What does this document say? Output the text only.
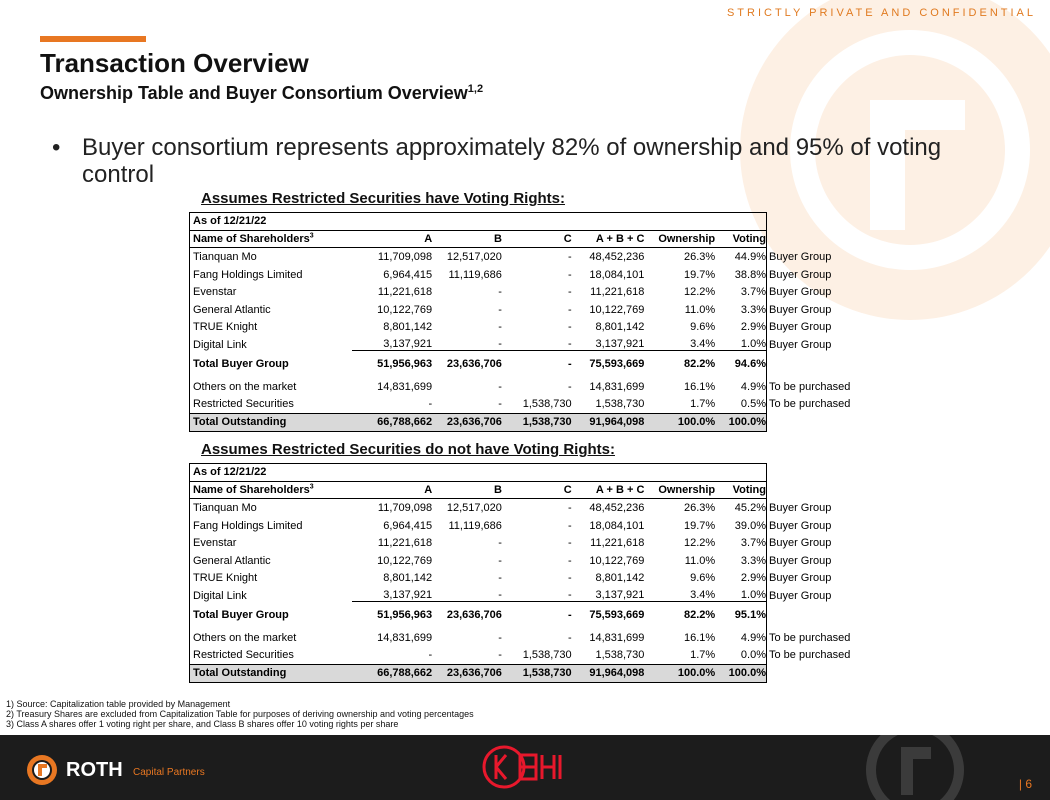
STRICTLY PRIVATE AND CONFIDENTIAL
Transaction Overview
Ownership Table and Buyer Consortium Overview$^{1,2}$
• Buyer consortium represents approximately 82% of ownership and 95% of voting control
Assumes Restricted Securities have Voting Rights:
As of 12/21/22
Name of Shareholders$^3$	A	B	C	A + B + C	Ownership	Voting
Tianquan Mo	11,709,098	12,517,020	-	48,452,236	26.3%	44.9% Buyer Group
Fang Holdings Limited	6,964,415	11,119,686	-	18,084,101	19.7%	38.8% Buyer Group
Evenstar	11,221,618	-	-	11,221,618	12.2%	3.7% Buyer Group
General Atlantic	10,122,769	-	-	10,122,769	11.0%	3.3% Buyer Group
TRUE Knight	8,801,142	-	-	8,801,142	9.6%	2.9% Buyer Group
Digital Link	3,137,921	-	-	3,137,921	3.4%	1.0% Buyer Group
Total Buyer Group	51,956,963	23,636,706	-	75,593,669	82.2%	94.6%
Others on the market	14,831,699	-	-	14,831,699	16.1%	4.9% To be purchased
Restricted Securities	-	-	1,538,730	1,538,730	1.7%	0.5% To be purchased
Total Outstanding	66,788,662	23,636,706	1,538,730	91,964,098	100.0%	100.0%
Assumes Restricted Securities do not have Voting Rights:
As of 12/21/22
Name of Shareholders$^3$	A	B	C	A + B + C	Ownership	Voting
Tianquan Mo	11,709,098	12,517,020	-	48,452,236	26.3%	45.2% Buyer Group
Fang Holdings Limited	6,964,415	11,119,686	-	18,084,101	19.7%	39.0% Buyer Group
Evenstar	11,221,618	-	-	11,221,618	12.2%	3.7% Buyer Group
General Atlantic	10,122,769	-	-	10,122,769	11.0%	3.3% Buyer Group
TRUE Knight	8,801,142	-	-	8,801,142	9.6%	2.9% Buyer Group
Digital Link	3,137,921	-	-	3,137,921	3.4%	1.0% Buyer Group
Total Buyer Group	51,956,963	23,636,706	-	75,593,669	82.2%	95.1%
Others on the market	14,831,699	-	-	14,831,699	16.1%	4.9% To be purchased
Restricted Securities	-	-	1,538,730	1,538,730	1.7%	0.0% To be purchased
Total Outstanding	66,788,662	23,636,706	1,538,730	91,964,098	100.0%	100.0%
1) Source: Capitalization table provided by Management
2) Treasury Shares are excluded from Capitalization Table for purposes of deriving ownership and voting percentages
3) Class A shares offer 1 voting right per share, and Class B shares offer 10 voting rights per share
ROTH Capital Partners
| 6
